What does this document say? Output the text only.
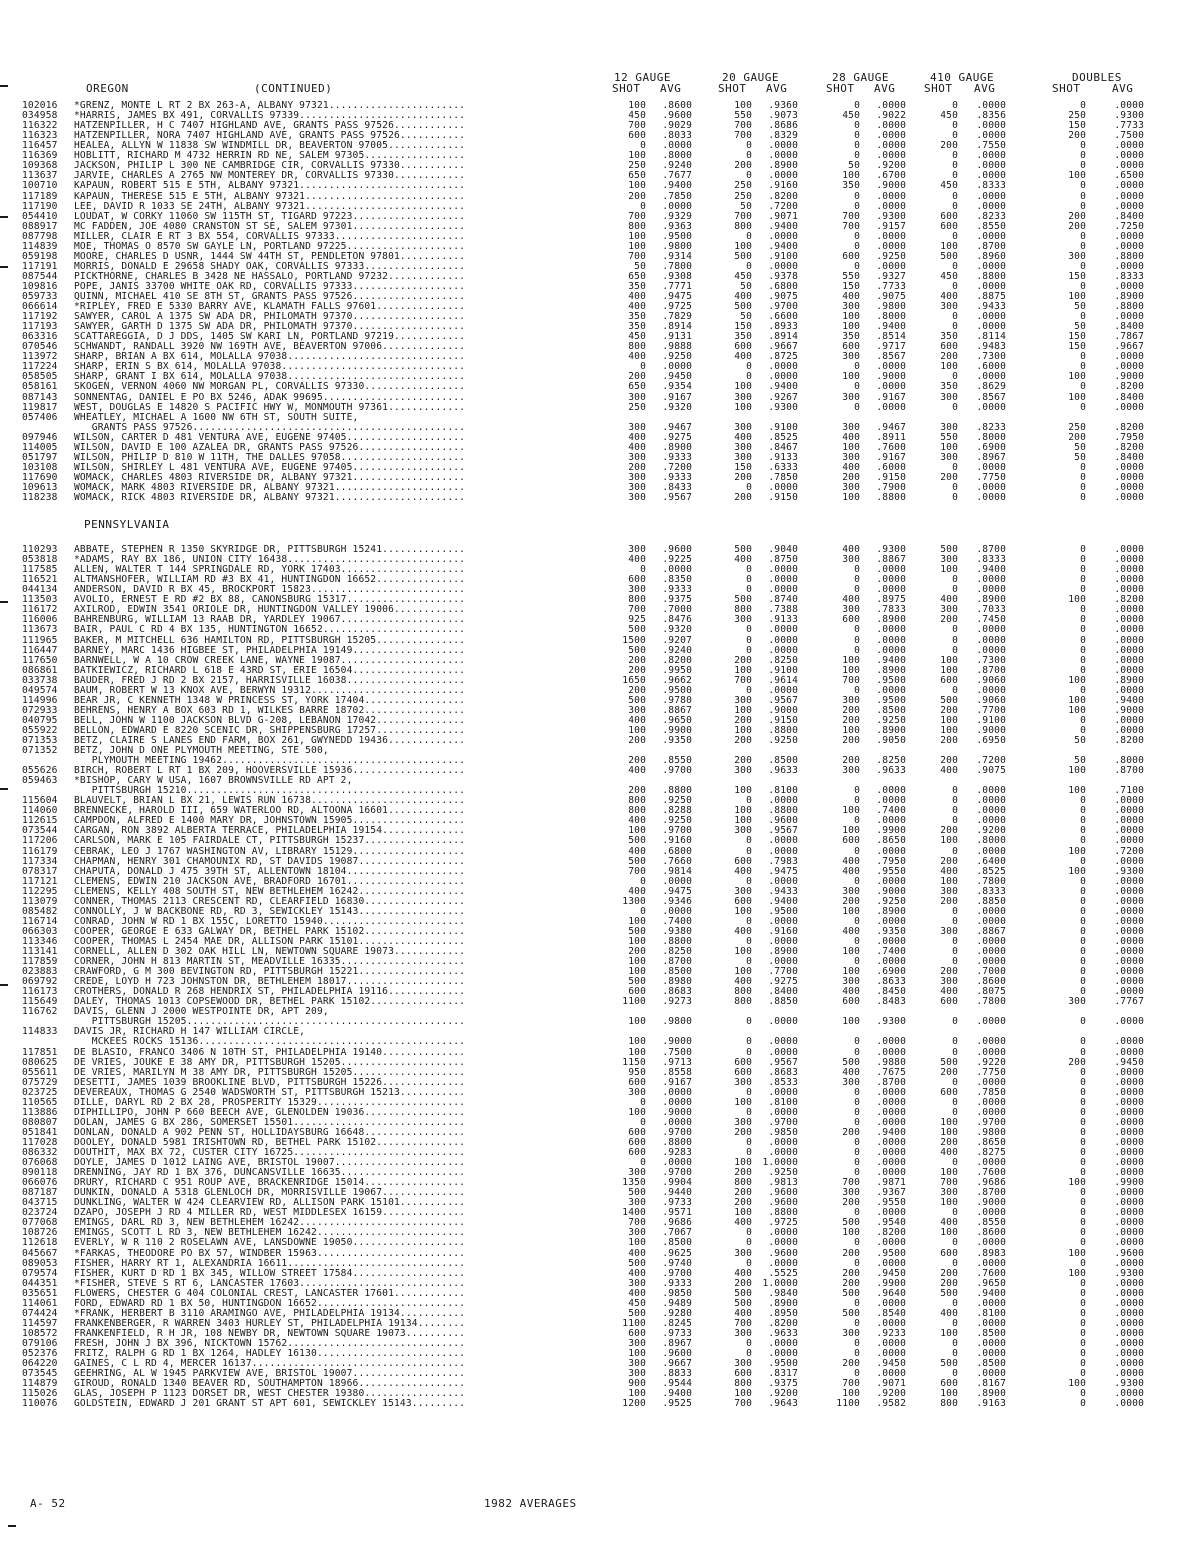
OREGON	(CONTINUED)
12 GAUGE	20 GAUGE	28 GAUGE	410 GAUGE	DOUBLES
SHOT AVG	SHOT AVG	SHOT AVG	SHOT AVG	SHOT	AVG
102016 *GRENZ, MONTE L RT 2 BX 263-A, ALBANY 97321.......................	100	.8600	100	.9360	0	.0000	0	.0000	0	.0000
034958 *HARRIS, JAMES BX 491, CORVALLIS 97339............................	450	.9600	550	.9073	450	.9022	450	.8356	250	.9300
116322 HATZENPILLER, H C 7407 HIGHLAND AVE, GRANTS PASS 97526............	700	.9029	700	.8686	0	.0000	0	.0000	150	.7733
116323 HATZENPILLER, NORA 7407 HIGHLAND AVE, GRANTS PASS 97526...........	600	.8033	700	.8329	0	.0000	0	.0000	200	.7500
116457 HEALEA, ALLYN W 11838 SW WINDMILL DR, BEAVERTON 97005.............	0	.0000	0	.0000	0	.0000	200	.7550	0	.0000
116369 HOBLITT, RICHARD M 4732 HERRIN RD NE, SALEM 97305.................	100	.8000	0	.0000	0	.0000	0	.0000	0	.0000
109368 JACKSON, PHILIP L 300 NE CAMBRIDGE CIR, CORVALLIS 97330...........	250	.9240	200	.8900	50	.9200	0	.0000	0	.0000
113637 JARVIE, CHARLES A 2765 NW MONTEREY DR, CORVALLIS 97330............	650	.7677	0	.0000	100	.6700	0	.0000	100	.6500
100710 KAPAUN, ROBERT 515 E 5TH, ALBANY 97321............................	100	.9400	250	.9160	350	.9000	450	.8333	0	.0000
117189 KAPAUN, THERESE 515 E 5TH, ALBANY 97321...........................	200	.7850	250	.8200	0	.0000	0	.0000	0	.0000
117190 LEE, DAVID R 1033 SE 24TH, ALBANY 97321...........................	0	.0000	50	.7200	0	.0000	0	.0000	0	.0000
054410 LOUDAT, W CORKY 11060 SW 115TH ST, TIGARD 97223...................	700	.9329	700	.9071	700	.9300	600	.8233	200	.8400
088917 MC FADDEN, JOE 4080 CRANSTON ST SE, SALEM 97301...................	800	.9363	800	.9400	700	.9157	600	.8550	200	.7250
087798 MILLER, CLAIR E RT 3 BX 554, CORVALLIS 97333......................	100	.9500	0	.0000	0	.0000	0	.0000	0	.0000
114839 MOE, THOMAS O 8570 SW GAYLE LN, PORTLAND 97225....................	100	.9800	100	.9400	0	.0000	100	.8700	0	.0000
059198 MOORE, CHARLES D USNR, 1444 SW 44TH ST, PENDLETON 97801...........	700	.9314	500	.9100	600	.9250	500	.8960	300	.8800
117191 MORRIS, DONALD E 29658 SHADY OAK, CORVALLIS 97333.................	50	.7800	0	.0000	0	.0000	0	.0000	0	.0000
087544 PICKTHORNE, CHARLES B 3428 NE HASSALO, PORTLAND 97232.............	650	.9308	450	.9378	550	.9327	450	.8800	150	.8333
109816 POPE, JANIS 33700 WHITE OAK RD, CORVALLIS 97333...................	350	.7771	50	.6800	150	.7733	0	.0000	0	.0000
059733 QUINN, MICHAEL 410 SE 8TH ST, GRANTS PASS 97526...................	400	.9475	400	.9075	400	.9075	400	.8875	100	.8900
066614 *RIPLEY, FRED E 5330 BARRY AVE, KLAMATH FALLS 97601...............	400	.9725	500	.9700	300	.9800	300	.9433	50	.8800
117192 SAWYER, CAROL A 1375 SW ADA DR, PHILOMATH 97370...................	350	.7829	50	.6600	100	.8000	0	.0000	0	.0000
117193 SAWYER, GARTH D 1375 SW ADA DR, PHILOMATH 97370...................	350	.8914	150	.8933	100	.9400	0	.0000	50	.8400
063316 SCATTAREGGIA, D J DDS, 1405 SW KARI LN, PORTLAND 97219............	450	.9131	350	.8914	350	.8514	350	.8114	150	.7867
070546 SCHWANDT, RANDALL 3920 NW 169TH AVE, BEAVERTON 97006..............	800	.9888	600	.9667	600	.9717	600	.9483	150	.9667
113972 SHARP, BRIAN A BX 614, MOLALLA 97038..............................	400	.9250	400	.8725	300	.8567	200	.7300	0	.0000
117224 SHARP, ERIN S BX 614, MOLALLA 97038...............................	0	.0000	0	.0000	0	.0000	100	.6000	0	.0000
058505 SHARP, GRANT I BX 614, MOLALLA 97038..............................	200	.9450	0	.0000	100	.9000	0	.0000	100	.9000
058161 SKOGEN, VERNON 4060 NW MORGAN PL, CORVALLIS 97330.................	650	.9354	100	.9400	0	.0000	350	.8629	0	.8200
087143 SONNENTAG, DANIEL E PO BX 5246, ADAK 99695........................	300	.9167	300	.9267	300	.9167	300	.8567	100	.8400
119817 WEST, DOUGLAS E 14820 S PACIFIC HWY W, MONMOUTH 97361.............	250	.9320	100	.9300	0	.0000	0	.0000	0	.0000
057406 WHEATLEY, MICHAEL A 1600 NW 6TH ST, SOUTH SUITE,
GRANTS PASS 97526..............................................	300	.9467	300	.9100	300	.9467	300	.8233	250	.8200
097946 WILSON, CARTER D 481 VENTURA AVE, EUGENE 97405....................	400	.9275	400	.8525	400	.8911	550	.8000	200	.7950
114005 WILSON, DAVID E 100 AZALEA DR, GRANTS PASS 97526..................	400	.8900	300	.8467	100	.7600	100	.6900	50	.8200
051797 WILSON, PHILIP D 810 W 11TH, THE DALLES 97058.....................	300	.9333	300	.9133	300	.9167	300	.8967	50	.8400
103108 WILSON, SHIRLEY L 481 VENTURA AVE, EUGENE 97405...................	200	.7200	150	.6333	400	.6000	0	.0000	0	.0000
117690 WOMACK, CHARLES 4803 RIVERSIDE DR, ALBANY 97321...................	300	.9333	200	.7850	200	.9150	200	.7750	0	.0000
109613 WOMACK, MARK 4803 RIVERSIDE DR, ALBANY 97321......................	300	.8433	0	.0000	300	.7900	0	.0000	0	.0000
118238 WOMACK, RICK 4803 RIVERSIDE DR, ALBANY 97321......................	300	.9567	200	.9150	100	.8800	0	.0000	0	.0000
PENNSYLVANIA
110293 ABBATE, STEPHEN R 1350 SKYRIDGE DR, PITTSBURGH 15241..............	300	.9600	500	.9040	400	.9300	500	.8700	0	.0000
053818 *ADAMS, RAY BX 186, UNION CITY 16438..............................	400	.9225	400	.8750	300	.8867	300	.8333	0	.0000
117585 ALLEN, WALTER T 144 SPRINGDALE RD, YORK 17403.....................	0	.0000	0	.0000	0	.0000	100	.9400	0	.0000
116521 ALTMANSHOFER, WILLIAM RD #3 BX 41, HUNTINGDON 16652...............	600	.8350	0	.0000	0	.0000	0	.0000	0	.0000
044134 ANDERSON, DAVID R BX 45, BROCKPORT 15823..........................	300	.9333	0	.0000	0	.0000	0	.0000	0	.0000
113503 AVOLIO, ERNEST E RD #2 BX 88, CANONSBURG 15317....................	800	.9375	500	.8740	400	.8975	400	.8900	100	.8200
116172 AXILROD, EDWIN 3541 ORIOLE DR, HUNTINGDON VALLEY 19006............	700	.7000	800	.7388	300	.7833	300	.7033	0	.0000
116006 BAHRENBURG, WILLIAM 13 RAAB DR, YARDLEY 19067.....................	925	.8476	300	.9133	600	.8900	200	.7450	0	.0000
113673 BAIR, PAUL C RD 4 BX 135, HUNTINGTON 16652........................	500	.9320	0	.0000	0	.0000	0	.0000	0	.0000
111965 BAKER, M MITCHELL 636 HAMILTON RD, PITTSBURGH 15205...............	1500	.9207	0	.0000	0	.0000	0	.0000	0	.0000
116447 BARNEY, MARC 1436 HIGBEE ST, PHILADELPHIA 19149...................	500	.9240	0	.0000	0	.0000	0	.0000	0	.0000
117650 BARNWELL, W A 10 CROW CREEK LANE, WAYNE 19087.....................	200	.8200	200	.8250	100	.9400	100	.7300	0	.0000
086861 BATKIEWICZ, RICHARD L 618 E 43RD ST, ERIE 16504...................	200	.9950	100	.9100	100	.8900	100	.8700	0	.0000
033738 BAUDER, FRED J RD 2 BX 2157, HARRISVILLE 16038....................	1650	.9662	700	.9614	700	.9500	600	.9060	100	.8900
049574 BAUM, ROBERT W 13 KNOX AVE, BERWYN 19312..........................	200	.9500	0	.0000	0	.0000	0	.0000	0	.0000
114996 BEAR JR, C KENNETH 1348 W PRINCESS ST, YORK 17404.................	500	.9780	300	.9567	300	.9500	500	.9060	100	.9400
072933 BEHRENS, HENRY A BOX 603 RD 1, WILKES BARRE 18702.................	300	.8867	100	.9000	200	.8500	200	.7700	100	.9000
040795 BELL, JOHN W 1100 JACKSON BLVD G-208, LEBANON 17042...............	400	.9650	200	.9150	200	.9250	100	.9100	0	.0000
055922 BELLON, EDWARD E 8220 SCENIC DR, SHIPPENSBURG 17257...............	100	.9900	100	.8800	100	.8900	100	.9000	0	.0000
071353 BETZ, CLAIRE S LANES END FARM, BOX 261, GWYNEDD 19436.............	200	.9350	200	.9250	200	.9050	200	.6950	50	.8200
071352 BETZ, JOHN D ONE PLYMOUTH MEETING, STE 500,
PLYMOUTH MEETING 19462.........................................	200	.8550	200	.8500	200	.8250	200	.7200	50	.8000
055626 BIRCH, ROBERT L RT 1 BX 209, HOOVERSVILLE 15936...................	400	.9700	300	.9633	300	.9633	400	.9075	100	.8700
059463 *BISHOP, CARY W USA, 1607 BROWNSVILLE RD APT 2,
PITTSBURGH 15210...............................................	200	.8800	100	.8100	0	.0000	0	.0000	100	.7100
115604 BLAUVELT, BRIAN L BX 21, LEWIS RUN 16738..........................	800	.9250	0	.0000	0	.0000	0	.0000	0	.0000
114060 BRENNECKE, HAROLD III, 659 WATERLOO RD, ALTOONA 16601.............	800	.8288	100	.8800	100	.7400	0	.0000	0	.0000
112615 CAMPDON, ALFRED E 1400 MARY DR, JOHNSTOWN 15905...................	400	.9250	100	.9600	0	.0000	0	.0000	0	.0000
073544 CARGAN, RON 3892 ALBERTA TERRACE, PHILADELPHIA 19154..............	100	.9700	300	.9567	100	.9900	200	.9200	0	.0000
117206 CARLSON, MARK E 105 FAIRDALE CT, PITTSBURGH 15237.................	500	.9160	0	.0000	600	.8650	100	.8000	0	.0000
116179 CEBRAK, LEO J 1767 WASHINGTON AV, LIBRARY 15129...................	400	.6800	0	.0000	0	.0000	0	.0000	100	.7200
117334 CHAPMAN, HENRY 301 CHAMOUNIX RD, ST DAVIDS 19087..................	500	.7660	600	.7983	400	.7950	200	.6400	0	.0000
078317 CHAPUTA, DONALD J 475 39TH ST, ALLENTOWN 18104....................	700	.9814	400	.9475	400	.9550	400	.8525	100	.9300
117121 CLEMENS, EDWIN 210 JACKSON AVE, BRADFORD 16701....................	0	.0000	0	.0000	0	.0000	100	.7800	0	.0000
112295 CLEMENS, KELLY 408 SOUTH ST, NEW BETHLEHEM 16242..................	400	.9475	300	.9433	300	.9000	300	.8333	0	.0000
113079 CONNER, THOMAS 2113 CRESCENT RD, CLEARFIELD 16830.................	1300	.9346	600	.9400	200	.9250	200	.8850	0	.0000
085482 CONNOLLY, J W BACKBONE RD, RD 3, SEWICKLEY 15143..................	0	.0000	100	.9500	100	.8900	0	.0000	0	.0000
116714 CONRAD, JOHN W RD 1 BX 155C, LORETTO 15940........................	100	.7400	0	.0000	0	.0000	0	.0000	0	.0000
066303 COOPER, GEORGE E 633 GALWAY DR, BETHEL PARK 15102.................	500	.9380	400	.9160	400	.9350	300	.8867	0	.0000
113346 COOPER, THOMAS L 2454 MAE DR, ALLISON PARK 15101..................	100	.8800	0	.0000	0	.0000	0	.0000	0	.0000
113141 CORNELL, ALLEN D 302 OAK HILL LN, NEWTOWN SQUARE 19073............	200	.8250	100	.8900	100	.7400	0	.0000	0	.0000
117859 CORNER, JOHN H 813 MARTIN ST, MEADVILLE 16335.....................	100	.8700	0	.0000	0	.0000	0	.0000	0	.0000
023883 CRAWFORD, G M 300 BEVINGTON RD, PITTSBURGH 15221..................	100	.8500	100	.7700	100	.6900	200	.7000	0	.0000
069792 CREDE, LOYD H 723 JOHNSTON DR, BETHLEHEM 18017....................	500	.8980	400	.9275	300	.8633	300	.8600	0	.0000
116173 CROTHERS, DONALD R 268 HENDRIX ST, PHILADELPHIA 19116.............	600	.8683	800	.8400	400	.8450	400	.8075	0	.0000
115649 DALEY, THOMAS 1013 COPSEWOOD DR, BETHEL PARK 15102................	1100	.9273	800	.8850	600	.8483	600	.7800	300	.7767
116762 DAVIS, GLENN J 2000 WESTPOINTE DR, APT 209,
PITTSBURGH 15205...............................................	100	.9800	0	.0000	100	.9300	0	.0000	0	.0000
114833 DAVIS JR, RICHARD H 147 WILLIAM CIRCLE,
MCKEES ROCKS 15136.............................................	100	.9000	0	.0000	0	.0000	0	.0000	0	.0000
117851 DE BLASIO, FRANCO 3406 N 10TH ST, PHILADELPHIA 19140..............	100	.7500	0	.0000	0	.0000	0	.0000	0	.0000
080625 DE VRIES, JOUKE E 38 AMY DR, PITTSBURGH 15205.....................	1150	.9713	600	.9567	500	.9880	500	.9220	200	.9450
055611 DE VRIES, MARILYN M 38 AMY DR, PITTSBURGH 15205...................	950	.8558	600	.8683	400	.7675	200	.7750	0	.0000
075729 DESETTI, JAMES 1039 BROOKLINE BLVD, PITTSBURGH 15226..............	600	.9167	300	.8533	300	.8700	0	.0000	0	.0000
023725 DEVEREAUX, THOMAS G 2540 WADSWORTH ST, PITTSBURGH 15213...........	300	.0000	0	.0000	0	.0000	600	.7850	0	.0000
110565 DILLE, DARYL RD 2 BX 28, PROSPERITY 15329.........................	0	.0000	100	.8100	0	.0000	0	.0000	0	.0000
113886 DIPHILLIPO, JOHN P 660 BEECH AVE, GLENOLDEN 19036.................	100	.9000	0	.0000	0	.0000	0	.0000	0	.0000
080807 DOLAN, JAMES G BX 286, SOMERSET 15501.............................	0	.0000	300	.9700	0	.0000	100	.9700	0	.0000
051841 DONLAN, DONALD A 902 PENN ST, HOLLIDAYSBURG 16648.................	600	.9700	200	.9850	200	.9400	100	.9800	0	.0000
117028 DOOLEY, DONALD 5981 IRISHTOWN RD, BETHEL PARK 15102...............	600	.8800	0	.0000	0	.0000	200	.8650	0	.0000
086332 DOUTHIT, MAX BX 72, CUSTER CITY 16725.............................	600	.9283	0	.0000	0	.0000	400	.8275	0	.0000
076068 DOYLE, JAMES D 1012 LAING AVE, BRISTOL 19007......................	0	.0000	100	1.0000	0	.0000	0	.0000	0	.0000
090118 DRENNING, JAY RD 1 BX 376, DUNCANSVILLE 16635.....................	300	.9700	200	.9250	0	.0000	100	.7600	0	.0000
066076 DRURY, RICHARD C 951 ROUP AVE, BRACKENRIDGE 15014.................	1350	.9904	800	.9813	700	.9871	700	.9686	100	.9900
087187 DUNKIN, DONALD A 5318 GLENLOCH DR, MORRISVILLE 19067..............	500	.9440	200	.9600	300	.9367	300	.8700	0	.0000
043715 DUNKLING, WALTER W 424 CLEARVIEW RD, ALLISON PARK 15101...........	300	.9733	200	.9600	200	.9550	100	.9000	0	.0000
023724 DZAPO, JOSEPH J RD 4 MILLER RD, WEST MIDDLESEX 16159..............	1400	.9571	100	.8800	0	.0000	0	.0000	0	.0000
077068 EMINGS, DARL RD 3, NEW BETHLEHEM 16242............................	700	.9686	400	.9725	500	.9540	400	.8550	0	.0000
108726 EMINGS, SCOTT L RD 3, NEW BETHLEHEM 16242.........................	300	.7067	0	.0000	100	.8200	100	.8600	0	.0000
112618 EVERLY, W R 110 2 ROSELAWN AVE, LANSDOWNE 19050...................	100	.8500	0	.0000	0	.0000	0	.0000	0	.0000
045667 *FARKAS, THEODORE PO BX 57, WINDBER 15963.........................	400	.9625	300	.9600	200	.9500	600	.8983	100	.9600
089053 FISHER, HARRY RT 1, ALEXANDRIA 16611..............................	500	.9740	0	.0000	0	.0000	0	.0000	0	.0000
079574 FISHER, KURT D RD 1 BX 345, WILLOW STREET 17584...................	400	.9700	400	.5525	200	.9450	200	.7600	100	.9300
044351 *FISHER, STEVE S RT 6, LANCASTER 17603............................	300	.9333	200	1.0000	200	.9900	200	.9650	0	.0000
035651 FLOWERS, CHESTER G 404 COLONIAL CREST, LANCASTER 17601............	400	.9850	500	.9840	500	.9640	500	.9400	0	.0000
114061 FORD, EDWARD RD 1 BX 50, HUNTINGDON 16652.........................	450	.9489	500	.8900	0	.0000	0	.0000	0	.0000
074424 *FRANK, HERBERT B 3110 ARAMINGO AVE, PHILADELPHIA 19134...........	500	.9280	400	.8950	500	.8540	400	.8100	0	.0000
114597 FRANKENBERGER, R WARREN 3403 HURLEY ST, PHILADELPHIA 19134........	1100	.8245	700	.8200	0	.0000	0	.0000	0	.0000
108572 FRANKENFIELD, R H JR, 108 NEWBY DR, NEWTOWN SQUARE 19073..........	600	.9733	300	.9633	300	.9233	100	.8500	0	.0000
079106 FRESH, JOHN J BX 396, NICKTOWN 15762..............................	300	.8967	0	.0000	0	.0000	0	.0000	0	.0000
052376 FRITZ, RALPH G RD 1 BX 1264, HADLEY 16130.........................	100	.9600	0	.0000	0	.0000	0	.0000	0	.0000
064220 GAINES, C L RD 4, MERCER 16137....................................	300	.9667	300	.9500	200	.9450	500	.8500	0	.0000
073545 GEEHRING, AL W 1945 PARKVIEW AVE, BRISTOL 19007...................	300	.8833	600	.8317	0	.0000	0	.0000	0	.0000
114879 GIROUD, RONALD 1340 BEAVER RD, SOUTHAMPTON 18966..................	900	.9544	800	.9375	700	.9071	600	.8167	100	.9300
115026 GLAS, JOSEPH P 1123 DORSET DR, WEST CHESTER 19380.................	100	.9400	100	.9200	100	.9200	100	.8900	0	.0000
110076 GOLDSTEIN, EDWARD J 201 GRANT ST APT 601, SEWICKLEY 15143.........	1200	.9525	700	.9643	1100	.9582	800	.9163	0	.0000
A- 52	1982 AVERAGES
